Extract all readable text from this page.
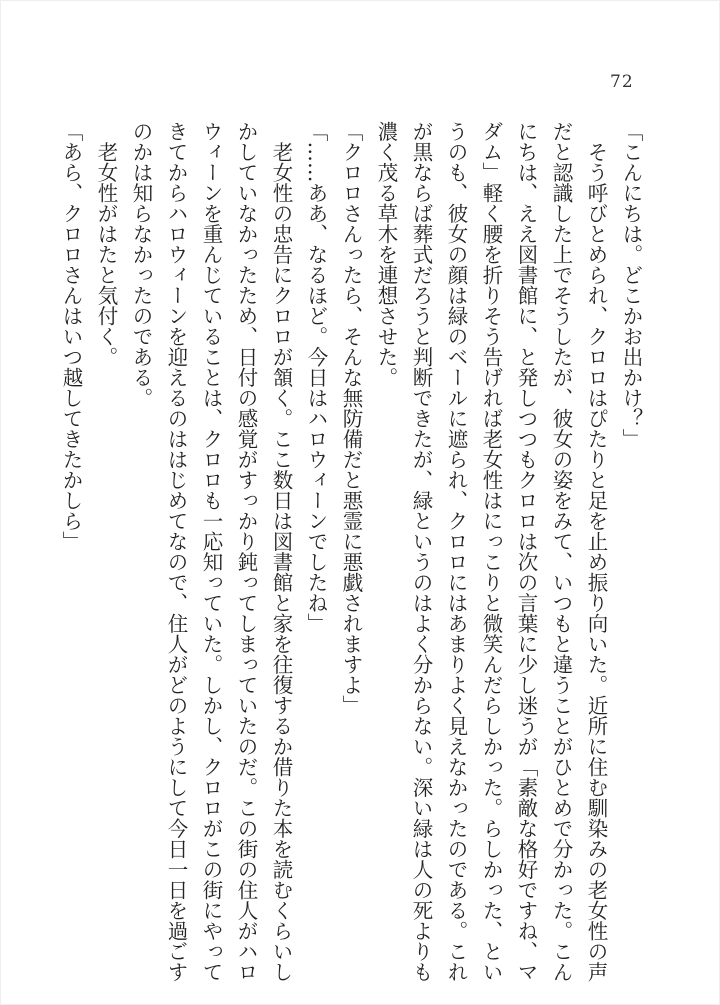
72
「こんにちは。どこかお出かけ？」
　そう呼びとめられ、クロロはぴたりと足を止め振り向いた。近所に住む馴染みの老女性の声
だと認識した上でそうしたが、彼女の姿をみて、いつもと違うことがひとめで分かった。こん
にちは、ええ図書館に、と発しつつもクロロは次の言葉に少し迷うが「素敵な格好ですね、マ
ダム」軽く腰を折りそう告げれば老女性はにっこりと微笑んだらしかった。らしかった、とい
うのも、彼女の顔は緑のベールに遮られ、クロロにはあまりよく見えなかったのである。これ
が黒ならば葬式だろうと判断できたが、緑というのはよく分からない。深い緑は人の死よりも
濃く茂る草木を連想させた。
「クロロさんったら、そんな無防備だと悪霊に悪戯されますよ」
「……ああ、なるほど。今日はハロウィーンでしたね」
　老女性の忠告にクロロが頷く。ここ数日は図書館と家を往復するか借りた本を読むくらいし
かしていなかったため、日付の感覚がすっかり鈍ってしまっていたのだ。この街の住人がハロ
ウィーンを重んじていることは、クロロも一応知っていた。しかし、クロロがこの街にやって
きてからハロウィーンを迎えるのははじめてなので、住人がどのようにして今日一日を過ごす
のかは知らなかったのである。
　老女性がはたと気付く。
「あら、クロロさんはいつ越してきたかしら」
